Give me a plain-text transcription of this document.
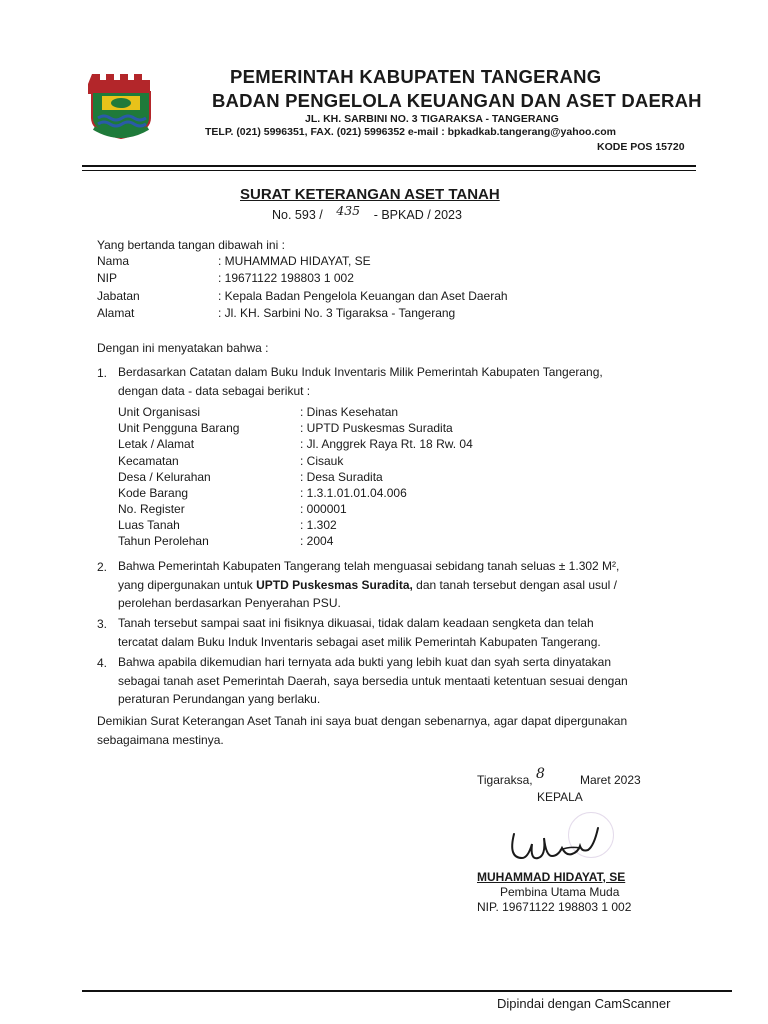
PEMERINTAH KABUPATEN TANGERANG
BADAN PENGELOLA KEUANGAN DAN ASET DAERAH
JL. KH. SARBINI NO. 3 TIGARAKSA - TANGERANG
TELP. (021) 5996351, FAX. (021) 5996352 e-mail : bpkadkab.tangerang@yahoo.com
KODE POS 15720
SURAT KETERANGAN ASET TANAH
No. 593 / 435 - BPKAD / 2023
Yang bertanda tangan dibawah ini :
Nama	: MUHAMMAD HIDAYAT, SE
NIP	: 19671122 198803 1 002
Jabatan	: Kepala Badan Pengelola Keuangan dan Aset Daerah
Alamat	: Jl. KH. Sarbini No. 3 Tigaraksa - Tangerang
Dengan ini menyatakan bahwa :
1. Berdasarkan Catatan dalam Buku Induk Inventaris Milik Pemerintah Kabupaten Tangerang,
dengan data - data sebagai berikut :
Unit Organisasi	: Dinas Kesehatan
Unit Pengguna Barang	: UPTD Puskesmas Suradita
Letak / Alamat	: Jl. Anggrek Raya Rt. 18 Rw. 04
Kecamatan	: Cisauk
Desa / Kelurahan	: Desa Suradita
Kode Barang	: 1.3.1.01.01.04.006
No. Register	: 000001
Luas Tanah	: 1.302
Tahun Perolehan	: 2004
2. Bahwa Pemerintah Kabupaten Tangerang telah menguasai sebidang tanah seluas ± 1.302 M²,
yang dipergunakan untuk UPTD Puskesmas Suradita, dan tanah tersebut dengan asal usul /
perolehan berdasarkan Penyerahan PSU.
3. Tanah tersebut sampai saat ini fisiknya dikuasai, tidak dalam keadaan sengketa dan telah
tercatat dalam Buku Induk Inventaris sebagai aset milik Pemerintah Kabupaten Tangerang.
4. Bahwa apabila dikemudian hari ternyata ada bukti yang lebih kuat dan syah serta dinyatakan
sebagai tanah aset Pemerintah Daerah, saya bersedia untuk mentaati ketentuan sesuai dengan
peraturan Perundangan yang berlaku.
Demikian Surat Keterangan Aset Tanah ini saya buat dengan sebenarnya, agar dapat dipergunakan
sebagaimana mestinya.
Tigaraksa, 8	Maret 2023
KEPALA
MUHAMMAD HIDAYAT, SE
Pembina Utama Muda
NIP. 19671122 198803 1 002
Dipindai dengan CamScanner
